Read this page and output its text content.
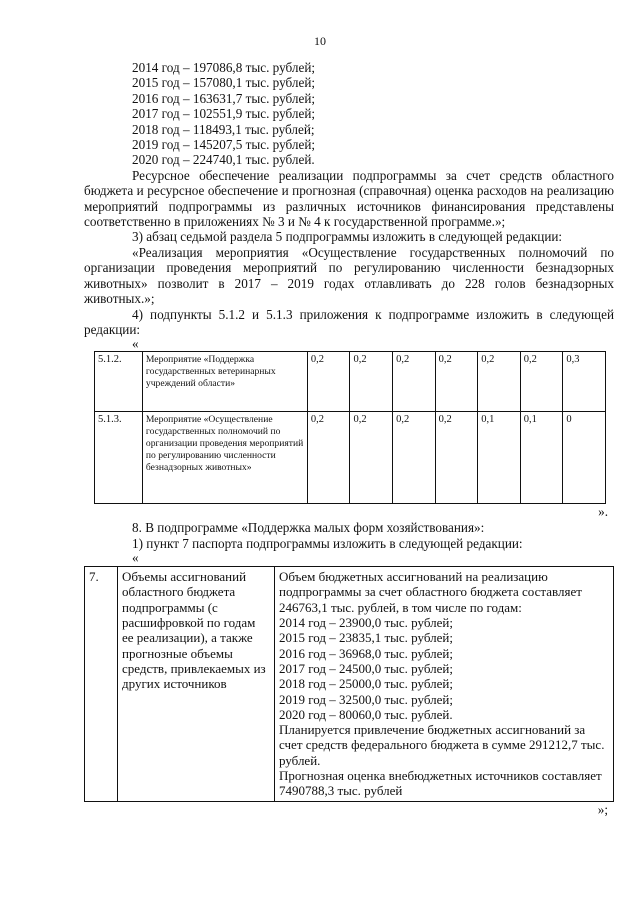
10
2014 год – 197086,8 тыс. рублей;
2015 год – 157080,1 тыс. рублей;
2016 год – 163631,7 тыс. рублей;
2017 год – 102551,9 тыс. рублей;
2018 год – 118493,1 тыс. рублей;
2019 год – 145207,5 тыс. рублей;
2020 год – 224740,1 тыс. рублей.

Ресурсное обеспечение реализации подпрограммы за счет средств областного бюджета и ресурсное обеспечение и прогнозная (справочная) оценка расходов на реализацию мероприятий подпрограммы из различных источников финансирования представлены соответственно в приложениях № 3 и № 4 к государственной программе.»;

3) абзац седьмой раздела 5 подпрограммы изложить в следующей редакции:

«Реализация мероприятия «Осуществление государственных полномочий по организации проведения мероприятий по регулированию численности безнадзорных животных» позволит в 2017 – 2019 годах отлавливать до 228 голов безнадзорных животных.»;

4) подпункты 5.1.2 и 5.1.3 приложения к подпрограмме изложить в следующей редакции:

«
5.1.2.	Мероприятие «Поддержка государственных ветеринарных учреждений области»	0,2	0,2	0,2	0,2	0,2	0,2	0,3
5.1.3.	Мероприятие «Осуществление государственных полномочий по организации проведения мероприятий по регулированию численности безнадзорных животных»	0,2	0,2	0,2	0,2	0,1	0,1	0
».

8. В подпрограмме «Поддержка малых форм хозяйствования»:

1) пункт 7 паспорта подпрограммы изложить в следующей редакции:

«
7.	Объемы ассигнований областного бюджета подпрограммы (с расшифровкой по годам ее реализации), а также прогнозные объемы средств, привлекаемых из других источников	
Объем бюджетных ассигнований на реализацию подпрограммы за счет областного бюджета составляет 246763,1 тыс. рублей, в том числе по годам:
2014 год – 23900,0 тыс. рублей;
2015 год – 23835,1 тыс. рублей;
2016 год – 36968,0 тыс. рублей;
2017 год – 24500,0 тыс. рублей;
2018 год – 25000,0 тыс. рублей;
2019 год – 32500,0 тыс. рублей;
2020 год – 80060,0 тыс. рублей.
Планируется привлечение бюджетных ассигнований за счет средств федерального бюджета в сумме 291212,7 тыс. рублей.
Прогнозная оценка внебюджетных источников составляет 7490788,3 тыс. рублей
»;
